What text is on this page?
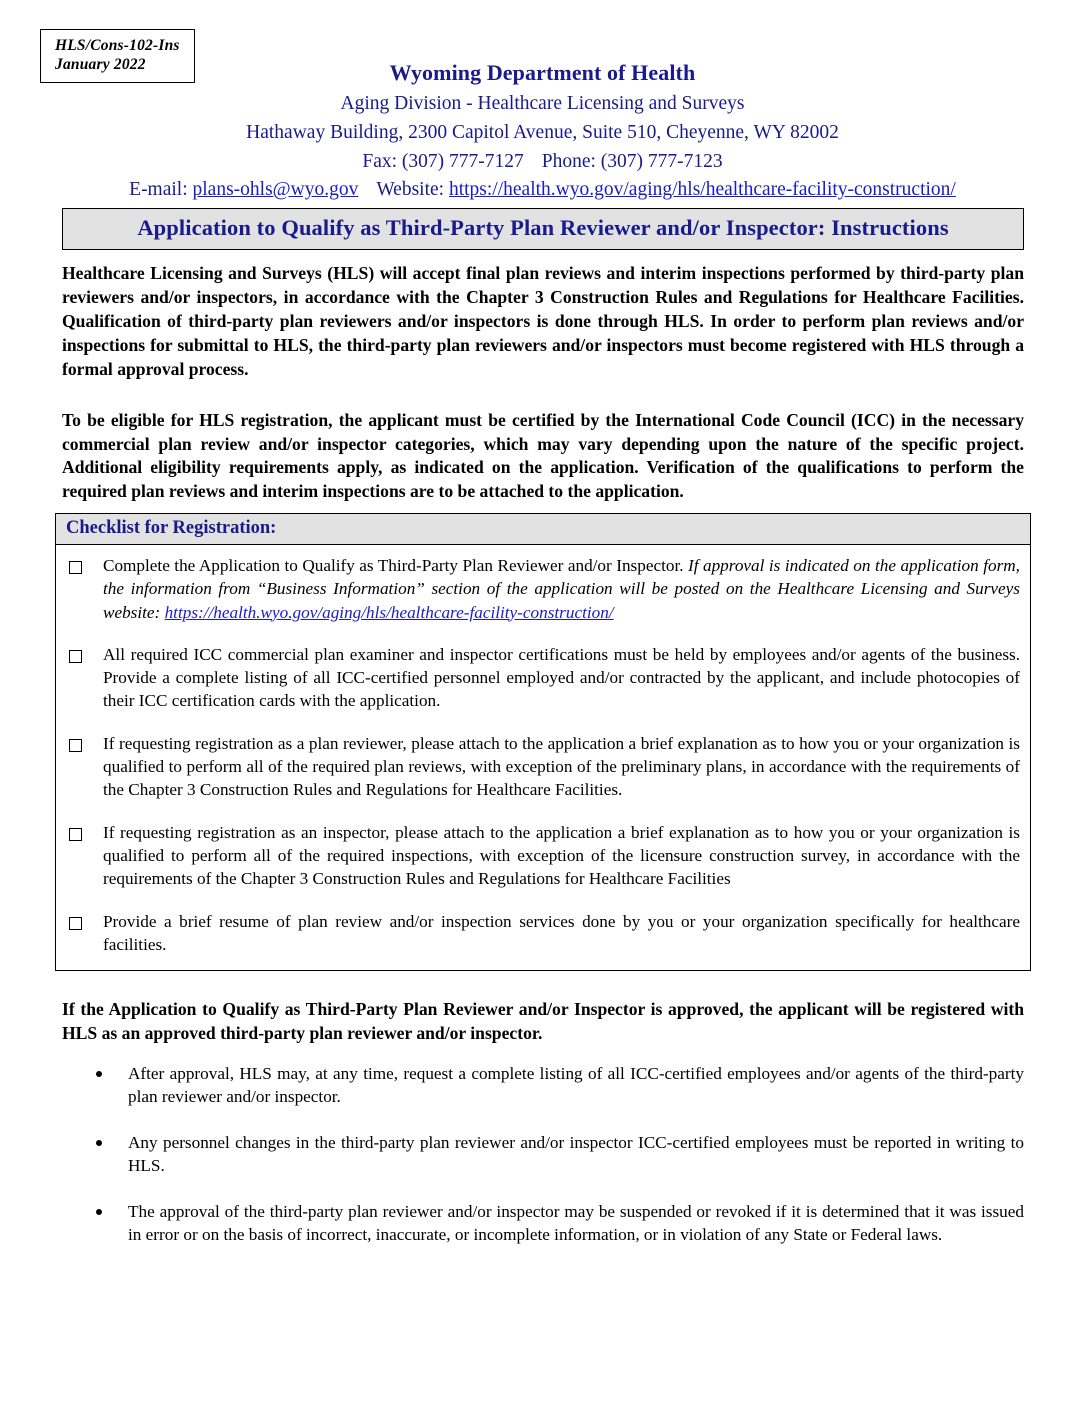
HLS/Cons-102-Ins
January 2022	Wyoming Department of Health
Aging Division - Healthcare Licensing and Surveys
Hathaway Building, 2300 Capitol Avenue, Suite 510, Cheyenne, WY 82002
Fax: (307) 777-7127 Phone: (307) 777-7123
E-mail: plans-ohls@wyo.gov Website: https://health.wyo.gov/aging/hls/healthcare-facility-construction/
Application to Qualify as Third-Party Plan Reviewer and/or Inspector: Instructions

Healthcare Licensing and Surveys (HLS) will accept final plan reviews and interim inspections performed by third-party plan reviewers and/or inspectors, in accordance with the Chapter 3 Construction Rules and Regulations for Healthcare Facilities. Qualification of third-party plan reviewers and/or inspectors is done through HLS. In order to perform plan reviews and/or inspections for submittal to HLS, the third-party plan reviewers and/or inspectors must become registered with HLS through a formal approval process.

To be eligible for HLS registration, the applicant must be certified by the International Code Council (ICC) in the necessary commercial plan review and/or inspector categories, which may vary depending upon the nature of the specific project. Additional eligibility requirements apply, as indicated on the application. Verification of the qualifications to perform the required plan reviews and interim inspections are to be attached to the application.

Checklist for Registration:
Complete the Application to Qualify as Third-Party Plan Reviewer and/or Inspector. If approval is indicated on the application form, the information from “Business Information” section of the application will be posted on the Healthcare Licensing and Surveys website: https://health.wyo.gov/aging/hls/healthcare-facility-construction/
All required ICC commercial plan examiner and inspector certifications must be held by employees and/or agents of the business. Provide a complete listing of all ICC-certified personnel employed and/or contracted by the applicant, and include photocopies of their ICC certification cards with the application.
If requesting registration as a plan reviewer, please attach to the application a brief explanation as to how you or your organization is qualified to perform all of the required plan reviews, with exception of the preliminary plans, in accordance with the requirements of the Chapter 3 Construction Rules and Regulations for Healthcare Facilities.
If requesting registration as an inspector, please attach to the application a brief explanation as to how you or your organization is qualified to perform all of the required inspections, with exception of the licensure construction survey, in accordance with the requirements of the Chapter 3 Construction Rules and Regulations for Healthcare Facilities
Provide a brief resume of plan review and/or inspection services done by you or your organization specifically for healthcare facilities.
If the Application to Qualify as Third-Party Plan Reviewer and/or Inspector is approved, the applicant will be registered with HLS as an approved third-party plan reviewer and/or inspector.
After approval, HLS may, at any time, request a complete listing of all ICC-certified employees and/or agents of the third-party plan reviewer and/or inspector.
Any personnel changes in the third-party plan reviewer and/or inspector ICC-certified employees must be reported in writing to HLS.
The approval of the third-party plan reviewer and/or inspector may be suspended or revoked if it is determined that it was issued in error or on the basis of incorrect, inaccurate, or incomplete information, or in violation of any State or Federal laws.
